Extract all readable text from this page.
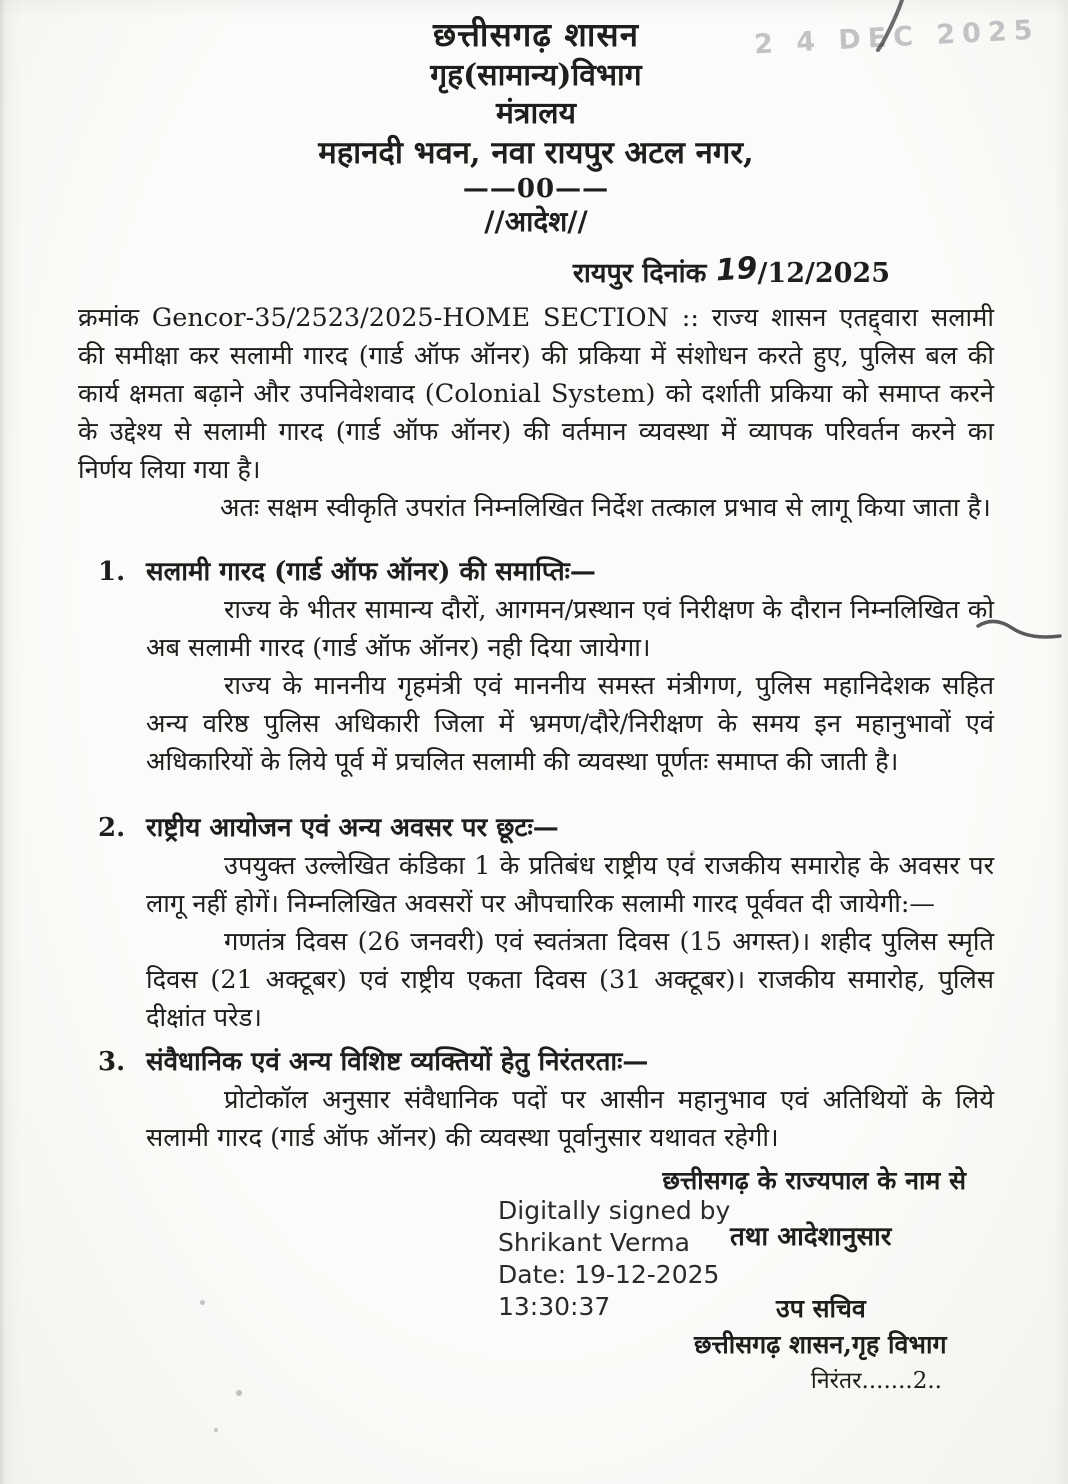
2 4 DEC 2025
छत्तीसगढ़ शासन
गृह(सामान्य)विभाग
मंत्रालय
महानदी भवन, नवा रायपुर अटल नगर,
——00——
//आदेश//
रायपुर दिनांक 19/12/2025
क्रमांक Gencor-35/2523/2025-HOME SECTION :: राज्य शासन एतद्द्वारा सलामी की समीक्षा कर सलामी गारद (गार्ड ऑफ ऑनर) की प्रकिया में संशोधन करते हुए, पुलिस बल की कार्य क्षमता बढ़ाने और उपनिवेशवाद (Colonial System) को दर्शाती प्रकिया को समाप्त करने के उद्देश्य से सलामी गारद (गार्ड ऑफ ऑनर) की वर्तमान व्यवस्था में व्यापक परिवर्तन करने का निर्णय लिया गया है।
अतः सक्षम स्वीकृति उपरांत निम्नलिखित निर्देश तत्काल प्रभाव से लागू किया जाता है।
1. सलामी गारद (गार्ड ऑफ ऑनर) की समाप्तिः—
राज्य के भीतर सामान्य दौरों, आगमन/प्रस्थान एवं निरीक्षण के दौरान निम्नलिखित को अब सलामी गारद (गार्ड ऑफ ऑनर) नही दिया जायेगा।
राज्य के माननीय गृहमंत्री एवं माननीय समस्त मंत्रीगण, पुलिस महानिदेशक सहित अन्य वरिष्ठ पुलिस अधिकारी जिला में भ्रमण/दौरे/निरीक्षण के समय इन महानुभावों एवं अधिकारियों के लिये पूर्व में प्रचलित सलामी की व्यवस्था पूर्णतः समाप्त की जाती है।
2. राष्ट्रीय आयोजन एवं अन्य अवसर पर छूटः—
उपयुक्त उल्लेखित कंडिका 1 के प्रतिबंध राष्ट्रीय एवं राजकीय समारोह के अवसर पर लागू नहीं होगें। निम्नलिखित अवसरों पर औपचारिक सलामी गारद पूर्ववत दी जायेगी:—
गणतंत्र दिवस (26 जनवरी) एवं स्वतंत्रता दिवस (15 अगस्त)। शहीद पुलिस स्मृति दिवस (21 अक्टूबर) एवं राष्ट्रीय एकता दिवस (31 अक्टूबर)। राजकीय समारोह, पुलिस दीक्षांत परेड।
3. संवैधानिक एवं अन्य विशिष्ट व्यक्तियों हेतु निरंतरताः—
प्रोटोकॉल अनुसार संवैधानिक पदों पर आसीन महानुभाव एवं अतिथियों के लिये सलामी गारद (गार्ड ऑफ ऑनर) की व्यवस्था पूर्वानुसार यथावत रहेगी।
छत्तीसगढ़ के राज्यपाल के नाम से
Digitally signed by
Shrikant Verma
Date: 19-12-2025
13:30:37
तथा आदेशानुसार
उप सचिव
छत्तीसगढ़ शासन,गृह विभाग
निरंतर.......2..
